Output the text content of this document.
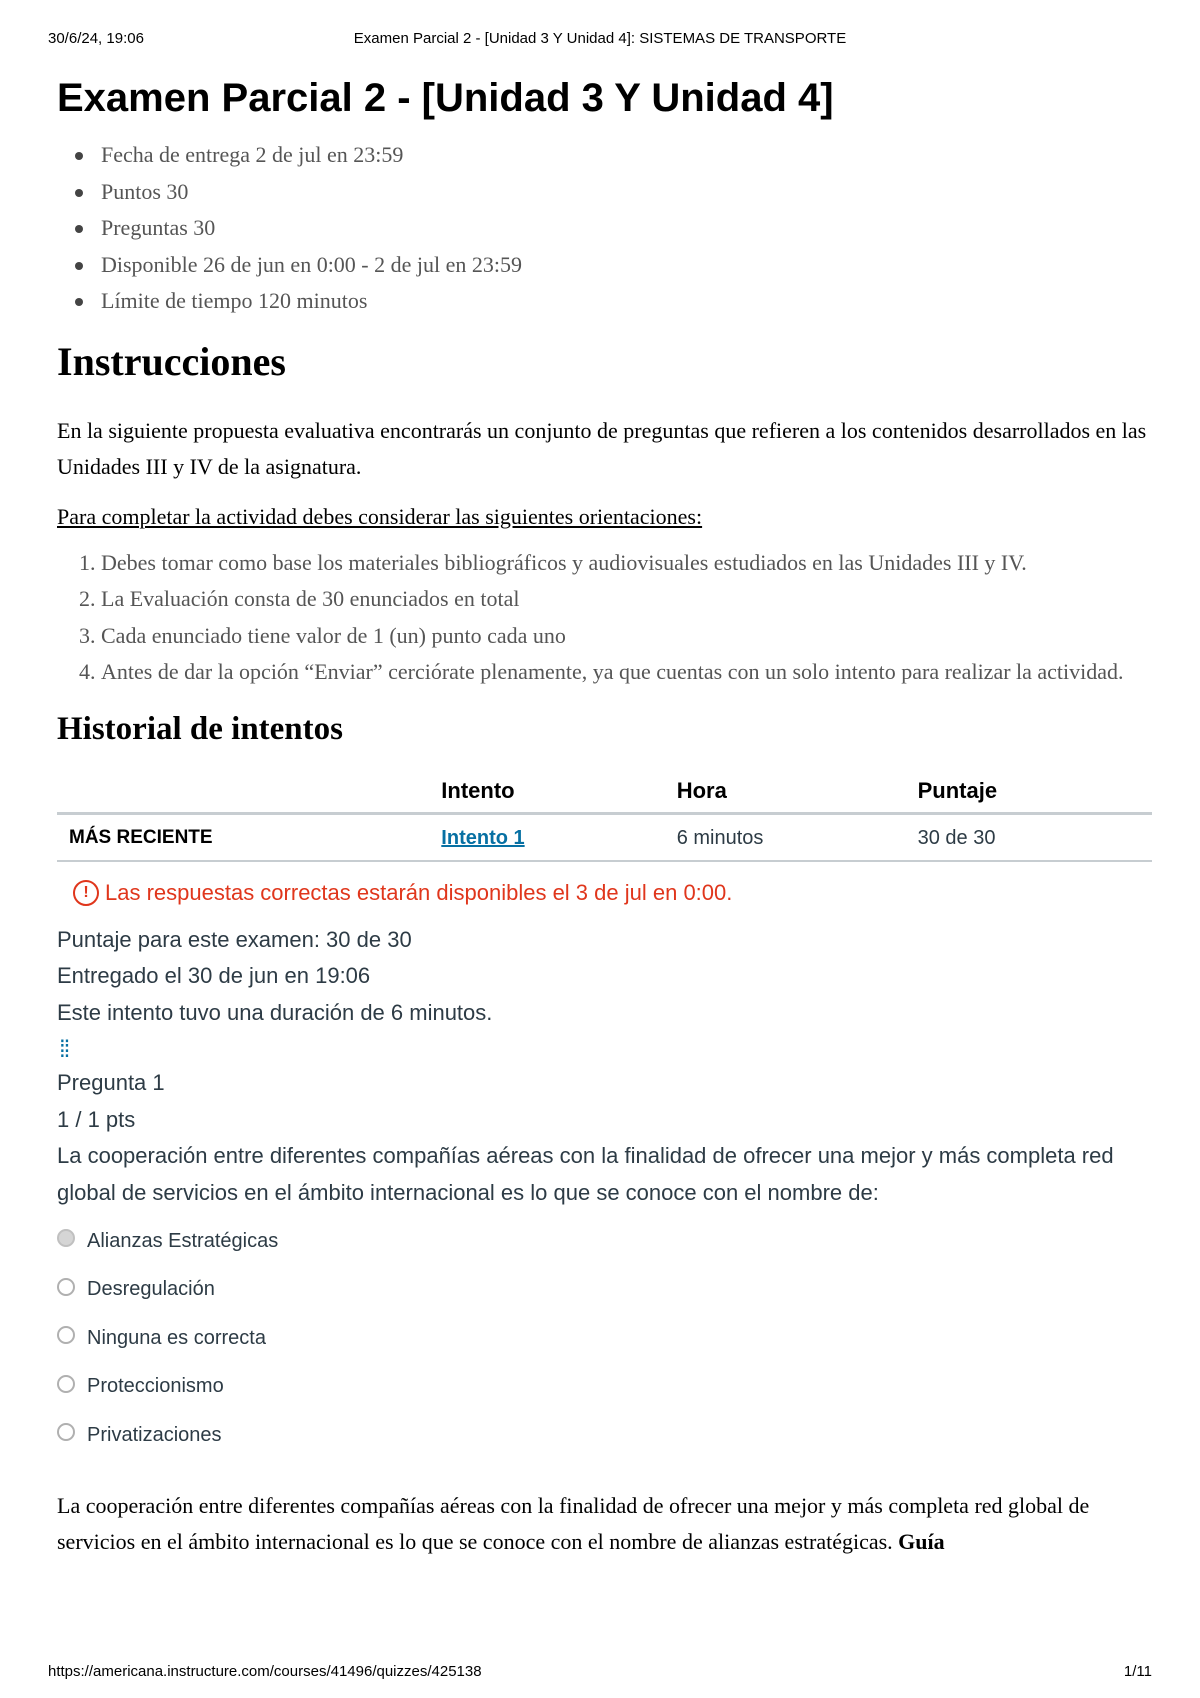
30/6/24, 19:06	Examen Parcial 2 - [Unidad 3 Y Unidad 4]: SISTEMAS DE TRANSPORTE
Examen Parcial 2 - [Unidad 3 Y Unidad 4]
Fecha de entrega 2 de jul en 23:59
Puntos 30
Preguntas 30
Disponible 26 de jun en 0:00 - 2 de jul en 23:59
Límite de tiempo 120 minutos
Instrucciones

En la siguiente propuesta evaluativa encontrarás un conjunto de preguntas que refieren a los contenidos desarrollados en las Unidades III y IV de la asignatura.

Para completar la actividad debes considerar las siguientes orientaciones:

1. Debes tomar como base los materiales bibliográficos y audiovisuales estudiados en las Unidades III y IV.
2. La Evaluación consta de 30 enunciados en total
3. Cada enunciado tiene valor de 1 (un) punto cada uno
4. Antes de dar la opción “Enviar” cerciórate plenamente, ya que cuentas con un solo intento para realizar la actividad.
Historial de intentos
	Intento	Hora	Puntaje
MÁS RECIENTE	Intento 1	6 minutos	30 de 30
! Las respuestas correctas estarán disponibles el 3 de jul en 0:00.
Puntaje para este examen: 30 de 30
Entregado el 30 de jun en 19:06
Este intento tuvo una duración de 6 minutos.
⁞⁞
Pregunta 1
1 / 1 pts
La cooperación entre diferentes compañías aéreas con la finalidad de ofrecer una mejor y más completa red global de servicios en el ámbito internacional es lo que se conoce con el nombre de:
Alianzas Estratégicas
Desregulación
Ninguna es correcta
Proteccionismo
Privatizaciones
La cooperación entre diferentes compañías aéreas con la finalidad de ofrecer una mejor y más completa red global de servicios en el ámbito internacional es lo que se conoce con el nombre de alianzas estratégicas. Guía
https://americana.instructure.com/courses/41496/quizzes/425138	1/11
